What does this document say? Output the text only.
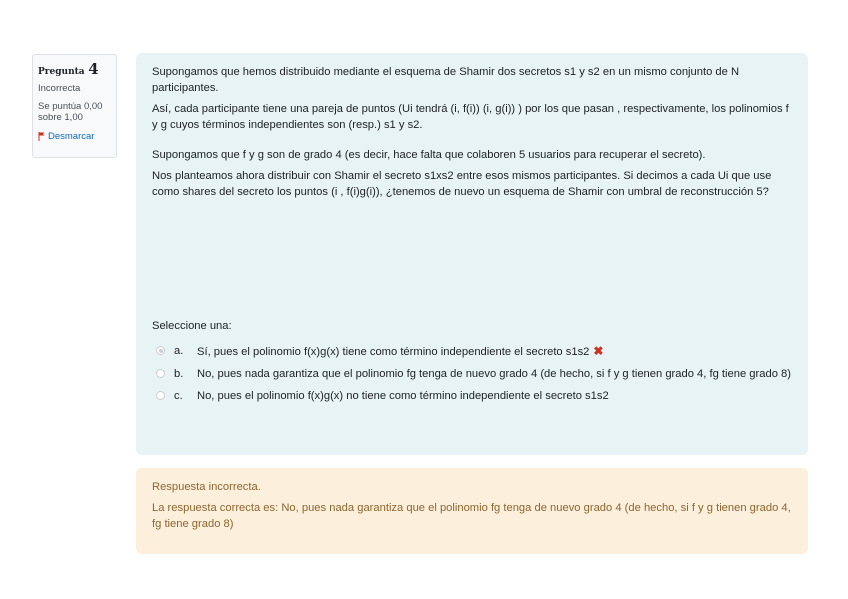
Pregunta 4
Incorrecta
Se puntúa 0,00 sobre 1,00
Desmarcar

Supongamos que hemos distribuido mediante el esquema de Shamir dos secretos s1 y s2 en un mismo conjunto de N participantes.

Así, cada participante tiene una pareja de puntos (Ui tendrá (i, f(i)) (i, g(i)) ) por los que pasan , respectivamente, los polinomios f y g cuyos términos independientes son (resp.) s1 y s2.

Supongamos que f y g son de grado 4 (es decir, hace falta que colaboren 5 usuarios para recuperar el secreto).

Nos planteamos ahora distribuir con Shamir el secreto s1xs2 entre esos mismos participantes. Si decimos a cada Ui que use como shares del secreto los puntos (i , f(i)g(i)), ¿tenemos de nuevo un esquema de Shamir con umbral de reconstrucción 5?

Seleccione una:
a.	Sí, pues el polinomio f(x)g(x) tiene como término independiente el secreto s1s2 ✖
b.	No, pues nada garantiza que el polinomio fg tenga de nuevo grado 4 (de hecho, si f y g tienen grado 4, fg tiene grado 8)
c.	No, pues el polinomio f(x)g(x) no tiene como término independiente el secreto s1s2

Respuesta incorrecta.

La respuesta correcta es: No, pues nada garantiza que el polinomio fg tenga de nuevo grado 4 (de hecho, si f y g tienen grado 4, fg tiene grado 8)
